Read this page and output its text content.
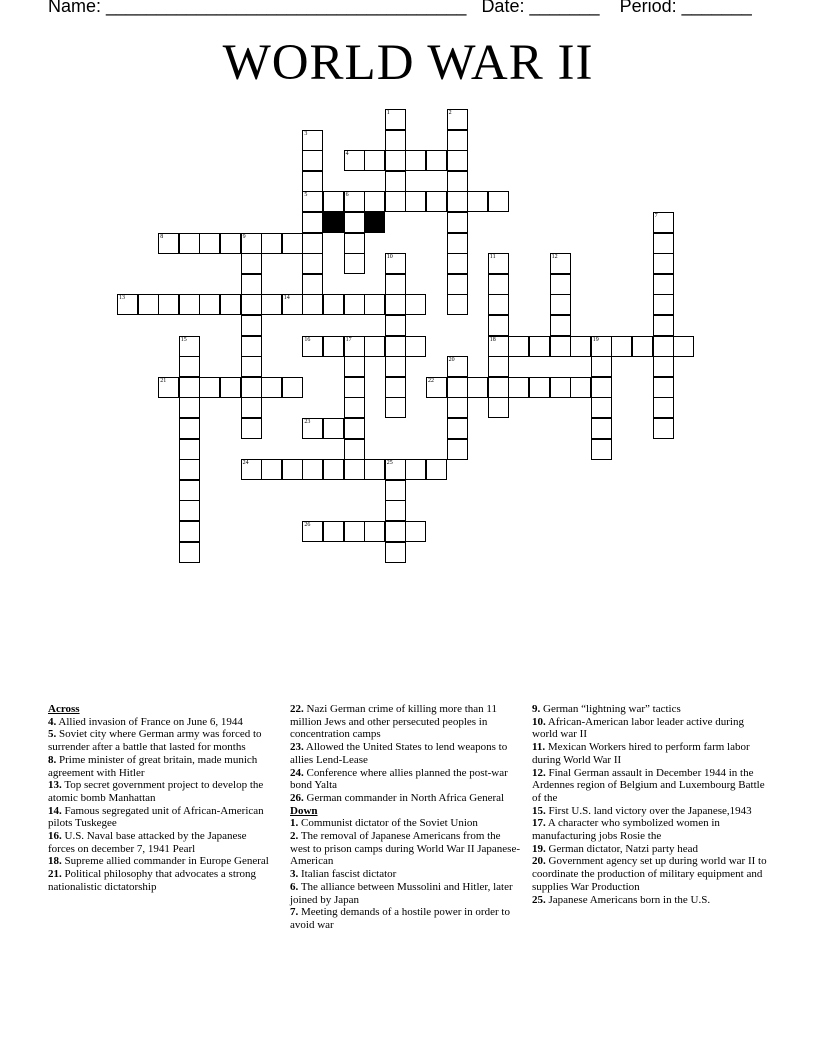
Name: ____________________________________ Date: _______ Period: _______
WORLD WAR II
1	2
3
4
5	6
7
8	9
10	11	12
13	14
15	16	17	18	19
20
21	22
23
24	25
26
Across
4. Allied invasion of France on June 6, 1944
5. Soviet city where German army was forced to surrender after a battle that lasted for months
8. Prime minister of great britain, made munich agreement with Hitler
13. Top secret government project to develop the atomic bomb Manhattan
14. Famous segregated unit of African-American pilots Tuskegee
16. U.S. Naval base attacked by the Japanese forces on december 7, 1941 Pearl
18. Supreme allied commander in Europe General
21. Political philosophy that advocates a strong nationalistic dictatorship
22. Nazi German crime of killing more than 11 million Jews and other persecuted peoples in concentration camps
23. Allowed the United States to lend weapons to allies Lend-Lease
24. Conference where allies planned the post-war bond Yalta
26. German commander in North Africa General
Down
1. Communist dictator of the Soviet Union
2. The removal of Japanese Americans from the west to prison camps during World War II Japanese-American
3. Italian fascist dictator
6. The alliance between Mussolini and Hitler, later joined by Japan
7. Meeting demands of a hostile power in order to avoid war
9. German “lightning war” tactics
10. African-American labor leader active during world war II
11. Mexican Workers hired to perform farm labor during World War II
12. Final German assault in December 1944 in the Ardennes region of Belgium and Luxembourg Battle of the
15. First U.S. land victory over the Japanese,1943
17. A character who symbolized women in manufacturing jobs Rosie the
19. German dictator, Natzi party head
20. Government agency set up during world war II to coordinate the production of military equipment and supplies War Production
25. Japanese Americans born in the U.S.
